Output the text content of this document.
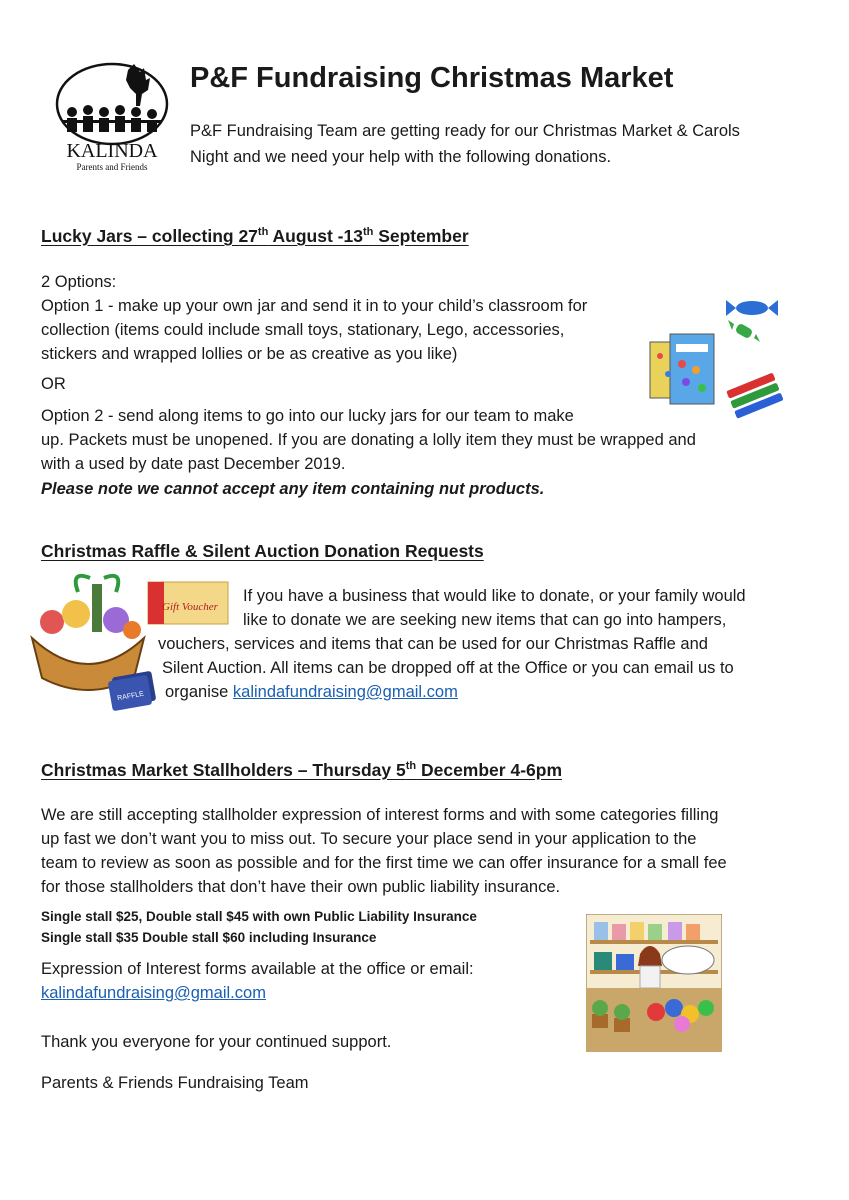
KALINDA
Parents and Friends
P&F Fundraising Christmas Market

P&F Fundraising Team are getting ready for our Christmas Market & Carols

Night and we need your help with the following donations.

Lucky Jars – collecting 27th August -13th September

2 Options:

Option 1 - make up your own jar and send it in to your child’s classroom for

collection (items could include small toys, stationary, Lego, accessories,

stickers and wrapped lollies or be as creative as you like)

OR

Option 2 - send along items to go into our lucky jars for our team to make

up. Packets must be unopened. If you are donating a lolly item they must be wrapped and

with a used by date past December 2019.

Please note we cannot accept any item containing nut products.
Christmas Raffle & Silent Auction Donation Requests
Gift Voucher
RAFFLE

If you have a business that would like to donate, or your family would

like to donate we are seeking new items that can go into hampers,

vouchers, services and items that can be used for our Christmas Raffle and

Silent Auction. All items can be dropped off at the Office or you can email us to

organise kalindafundraising@gmail.com
Christmas Market Stallholders – Thursday 5th December 4-6pm

We are still accepting stallholder expression of interest forms and with some categories filling

up fast we don’t want you to miss out. To secure your place send in your application to the

team to review as soon as possible and for the first time we can offer insurance for a small fee

for those stallholders that don’t have their own public liability insurance.

Single stall $25, Double stall $45 with own Public Liability Insurance

Single stall $35 Double stall $60 including Insurance

Expression of Interest forms available at the office or email:

kalindafundraising@gmail.com
Thank you everyone for your continued support.
Parents & Friends Fundraising Team
